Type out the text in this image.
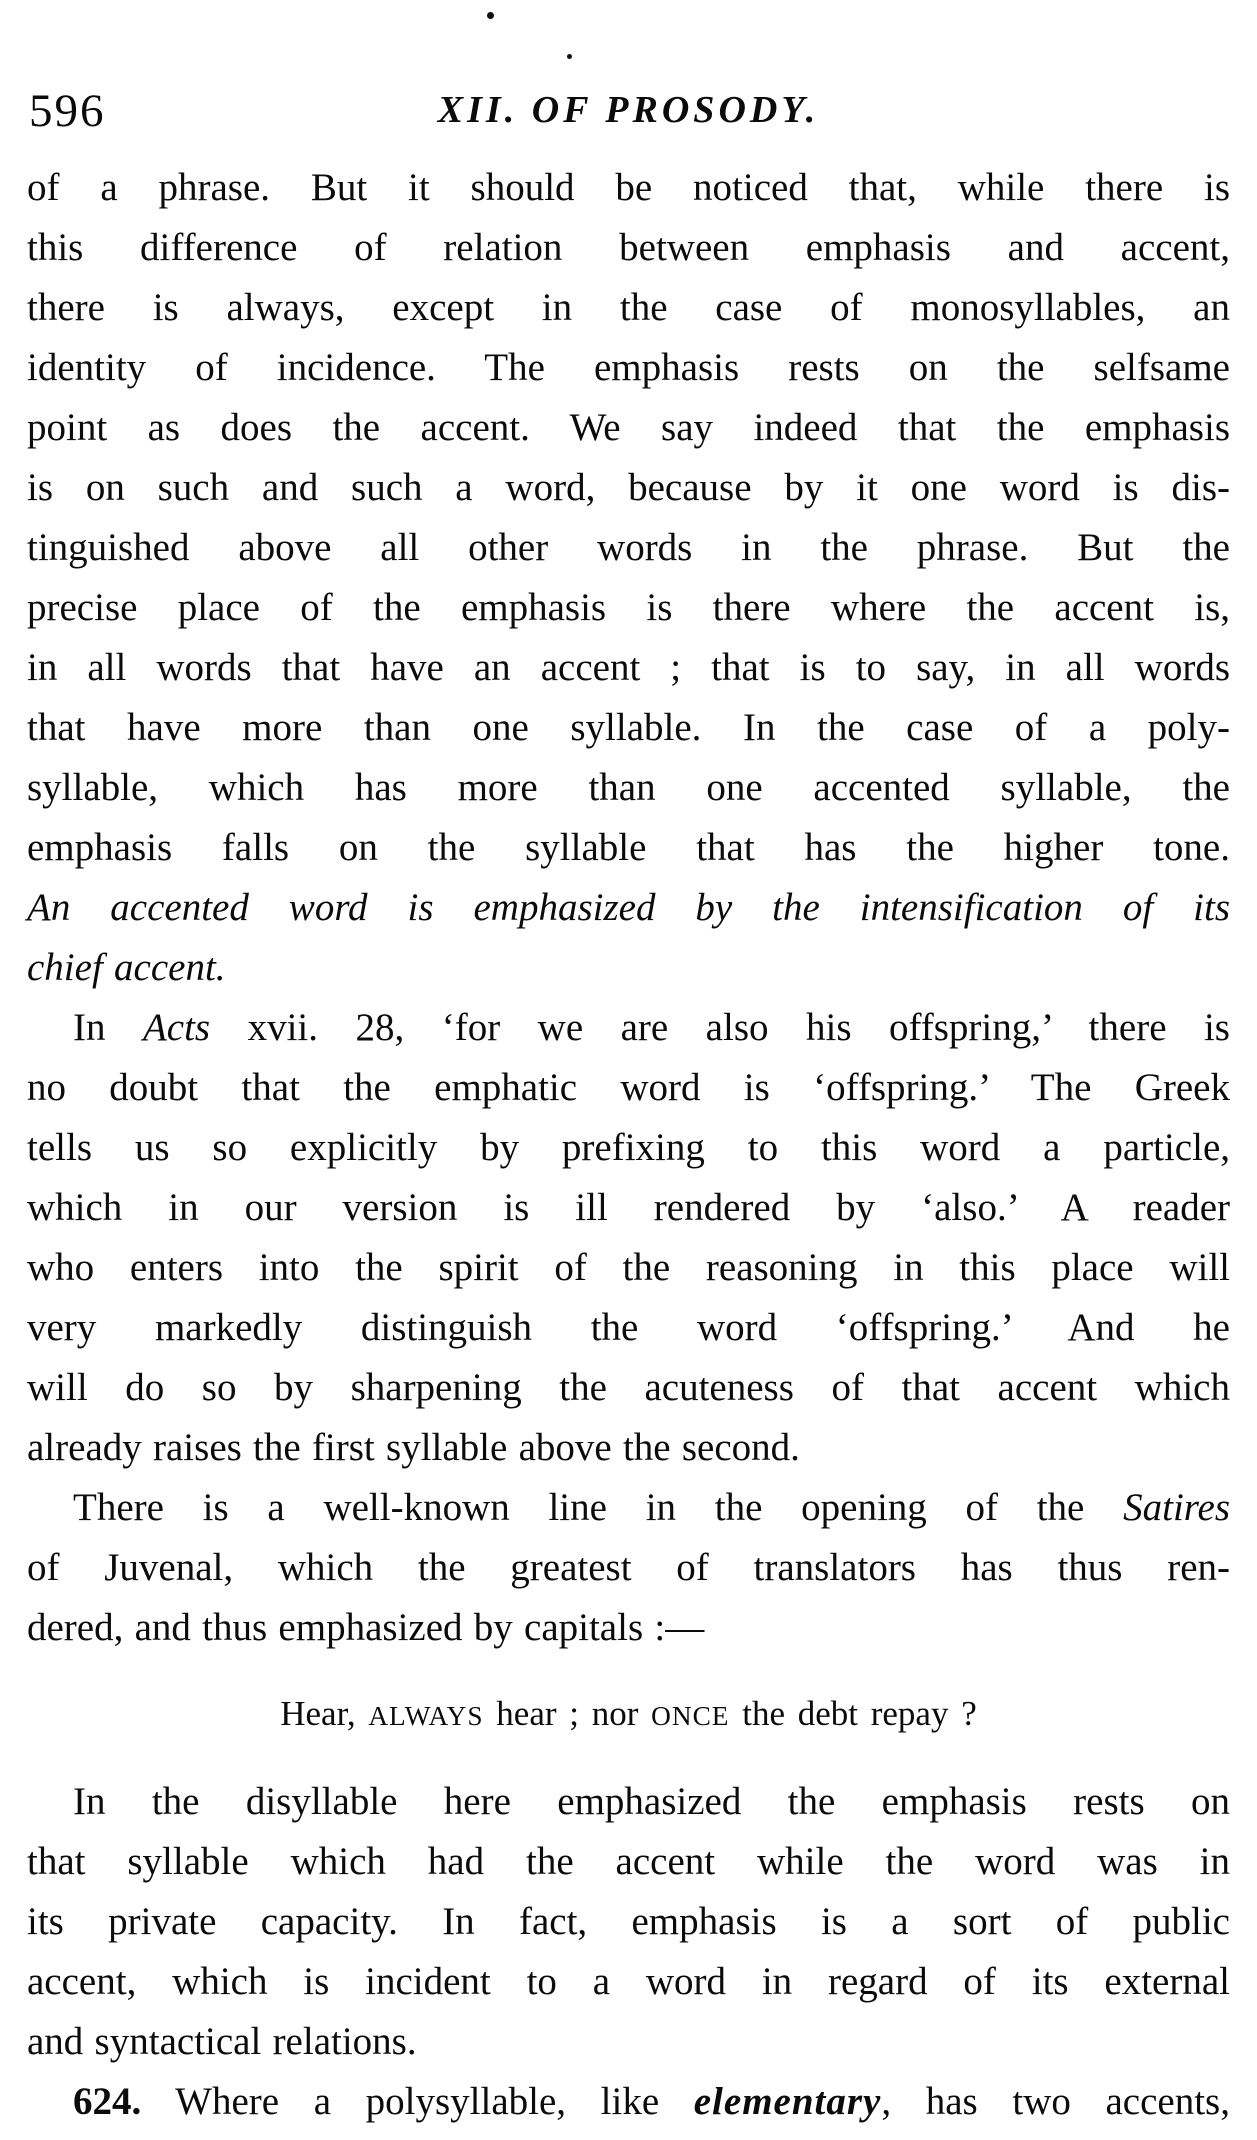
596	XII. OF PROSODY.
of a phrase. But it should be noticed that, while there is
this difference of relation between emphasis and accent,
there is always, except in the case of monosyllables, an
identity of incidence. The emphasis rests on the selfsame
point as does the accent. We say indeed that the emphasis
is on such and such a word, because by it one word is dis-
tinguished above all other words in the phrase. But the
precise place of the emphasis is there where the accent is,
in all words that have an accent ; that is to say, in all words
that have more than one syllable. In the case of a poly-
syllable, which has more than one accented syllable, the
emphasis falls on the syllable that has the higher tone.
An accented word is emphasized by the intensification of its
chief accent.
In Acts xvii. 28, ‘for we are also his offspring,’ there is
no doubt that the emphatic word is ‘offspring.’ The Greek
tells us so explicitly by prefixing to this word a particle,
which in our version is ill rendered by ‘also.’ A reader
who enters into the spirit of the reasoning in this place will
very markedly distinguish the word ‘offspring.’ And he
will do so by sharpening the acuteness of that accent which
already raises the first syllable above the second.
There is a well-known line in the opening of the Satires
of Juvenal, which the greatest of translators has thus ren-
dered, and thus emphasized by capitals :—
Hear, ALWAYS hear ; nor ONCE the debt repay ?
In the disyllable here emphasized the emphasis rests on
that syllable which had the accent while the word was in
its private capacity. In fact, emphasis is a sort of public
accent, which is incident to a word in regard of its external
and syntactical relations.
624. Where a polysyllable, like elementary, has two accents,
